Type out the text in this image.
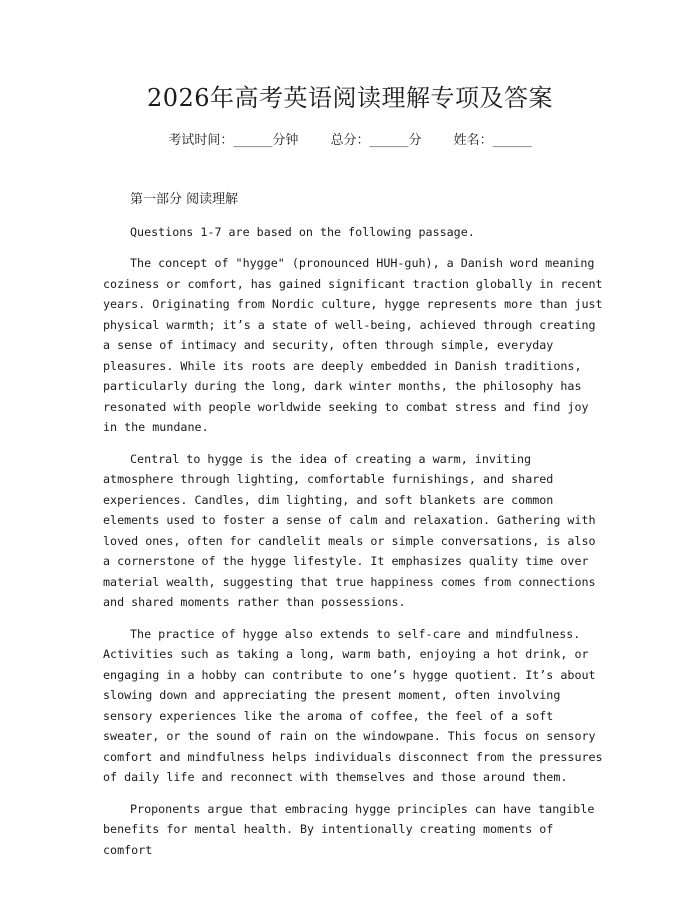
2026年高考英语阅读理解专项及答案
考试时间：______分钟 总分：______分 姓名：______

第一部分 阅读理解

Questions 1-7 are based on the following passage.

The concept of "hygge" (pronounced HUH-guh), a Danish word meaning coziness or comfort, has gained significant traction globally in recent years. Originating from Nordic culture, hygge represents more than just physical warmth; it’s a state of well-being, achieved through creating a sense of intimacy and security, often through simple, everyday pleasures. While its roots are deeply embedded in Danish traditions, particularly during the long, dark winter months, the philosophy has resonated with people worldwide seeking to combat stress and find joy in the mundane.

Central to hygge is the idea of creating a warm, inviting atmosphere through lighting, comfortable furnishings, and shared experiences. Candles, dim lighting, and soft blankets are common elements used to foster a sense of calm and relaxation. Gathering with loved ones, often for candlelit meals or simple conversations, is also a cornerstone of the hygge lifestyle. It emphasizes quality time over material wealth, suggesting that true happiness comes from connections and shared moments rather than possessions.

The practice of hygge also extends to self-care and mindfulness. Activities such as taking a long, warm bath, enjoying a hot drink, or engaging in a hobby can contribute to one’s hygge quotient. It’s about slowing down and appreciating the present moment, often involving sensory experiences like the aroma of coffee, the feel of a soft sweater, or the sound of rain on the windowpane. This focus on sensory comfort and mindfulness helps individuals disconnect from the pressures of daily life and reconnect with themselves and those around them.

Proponents argue that embracing hygge principles can have tangible benefits for mental health. By intentionally creating moments of comfort
